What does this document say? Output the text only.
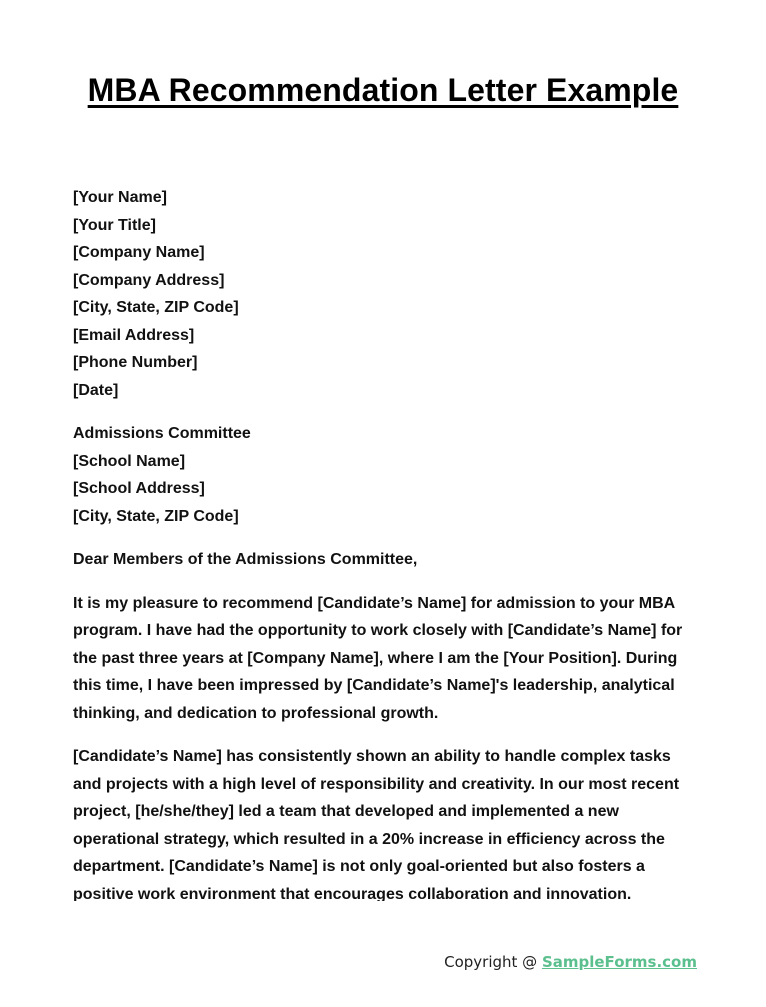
MBA Recommendation Letter Example
[Your Name]
[Your Title]
[Company Name]
[Company Address]
[City, State, ZIP Code]
[Email Address]
[Phone Number]
[Date]
Admissions Committee
[School Name]
[School Address]
[City, State, ZIP Code]

Dear Members of the Admissions Committee,

It is my pleasure to recommend [Candidate’s Name] for admission to your MBA program. I have had the opportunity to work closely with [Candidate’s Name] for the past three years at [Company Name], where I am the [Your Position]. During this time, I have been impressed by [Candidate’s Name]'s leadership, analytical thinking, and dedication to professional growth.

[Candidate’s Name] has consistently shown an ability to handle complex tasks and projects with a high level of responsibility and creativity. In our most recent project, [he/she/they] led a team that developed and implemented a new operational strategy, which resulted in a 20% increase in efficiency across the department. [Candidate’s Name] is not only goal-oriented but also fosters a positive work environment that encourages collaboration and innovation.

Copyright @ SampleForms.com
